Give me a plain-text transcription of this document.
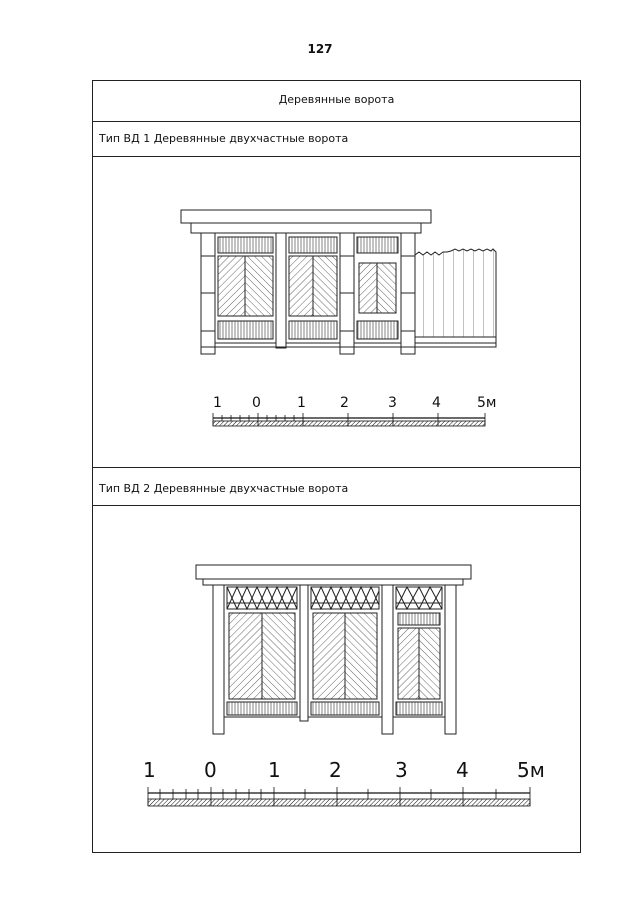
127
Деревянные ворота
Тип ВД 1 Деревянные двухчастные ворота
Тип ВД 2 Деревянные двухчастные ворота
1 0	1 2	3	4	5м
1 0	1 2	3 4 5м
